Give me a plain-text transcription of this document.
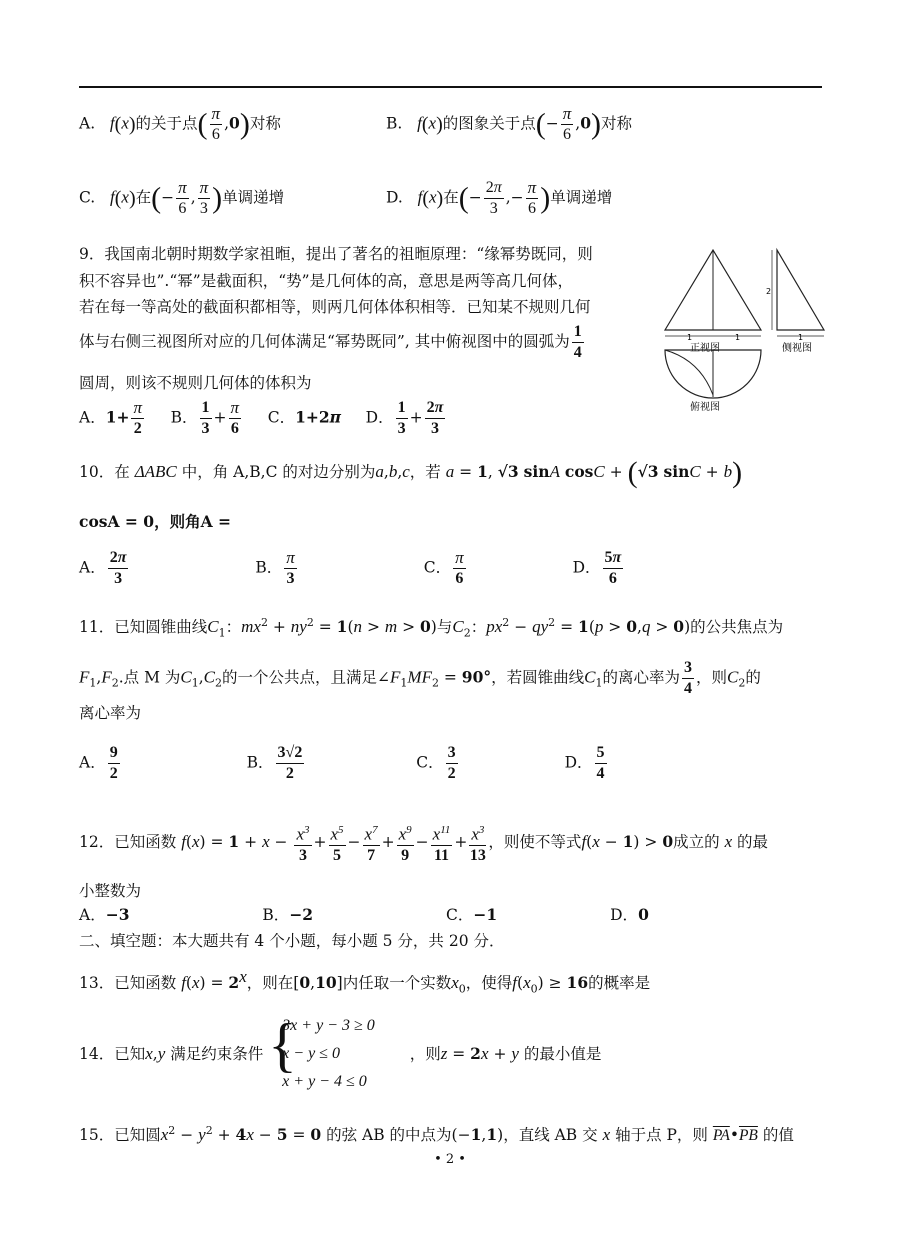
A. f(x)的关于点( $\frac{\pi}{6} ,0$)对称	B. f(x)的图象关于点(− $\frac{\pi}{6} ,0$)对称
C. f(x)在(− $\frac{\pi}{6}$ , $\frac{\pi}{3}$ )单调递增	D. f(x)在(− $\frac{2\pi}{3}$ ,− $\frac{\pi}{6}$ )单调递增
9．我国南北朝时期数学家祖暅，提出了著名的祖暅原理：“缘幂势既同，则
积不容异也”.“幂”是截面积，“势”是几何体的高，意思是两等高几何体，
若在每一等高处的截面积都相等，则两几何体体积相等．已知某不规则几何
体与右侧三视图所对应的几何体满足“幂势既同”, 其中俯视图中的圆弧为 $\frac{1}{4}$
圆周，则该不规则几何体的体积为
A．$1+ \frac{\pi}{2}$ B． $\frac{1}{3} + \frac{\pi}{6}$ C．1+2π D． $\frac{1}{3} + \frac{2\pi}{3}$
1	1
正视图
2
1
侧视图
俯视图
10．在 ΔABC 中，角 A,B,C 的对边分别为a,b,c，若 a = 1, √3 sinA cosC + (√3 sinC + b)
cosA = 0，则角A =
A． $\frac{2\pi}{3}$	B． $\frac{\pi}{3}$	C． $\frac{\pi}{6}$	D． $\frac{5\pi}{6}$
11．已知圆锥曲线$C_1$：$mx^2 + ny^2 = 1(n > m > 0)$与$C_2$：$px^2 - qy^2 = 1(p > 0,q > 0)$的公共焦点为
$F_1,F_2$.点 M 为$C_1,C_2$的一个公共点，且满足$\angle F_1MF_2 = 90^\circ$，若圆锥曲线$C_1$的离心率为 $\frac{3}{4}$ ，则$C_2$的
离心率为
A． $\frac{9}{2}$	B． $\frac{3√2}{2}$	C． $\frac{3}{2}$	D． $\frac{5}{4}$
12．已知函数 $f(x) = 1 + x - \frac{x^3}{3} + \frac{x^5}{5} - \frac{x^7}{7} + \frac{x^9}{9} - \frac{x^{11}}{11} + \frac{x^3}{13}$ ，则使不等式f(x − 1) > 0成立的 x 的最
小整数为
A．−3	B．−2	C．−1	D．0
二、填空题：本大题共有 4 个小题，每小题 5 分，共 20 分．
13．已知函数 $f(x) = 2^x$，则在[0,10]内任取一个实数$x_0$，使得$f(x_0) \ge 16$的概率是
14．已知x,y 满足约束条件 {
3x + y − 3 ≥ 0
x − y ≤ 0
x + y − 4 ≤ 0
，则z = 2x + y 的最小值是
15．已知圆$x^2 - y^2 + 4x - 5 = 0$ 的弦 AB 的中点为(−1,1)，直线 AB 交 x 轴于点 P，则 $\overline{PA}•\overline{PB}$ 的值
• 2 •
